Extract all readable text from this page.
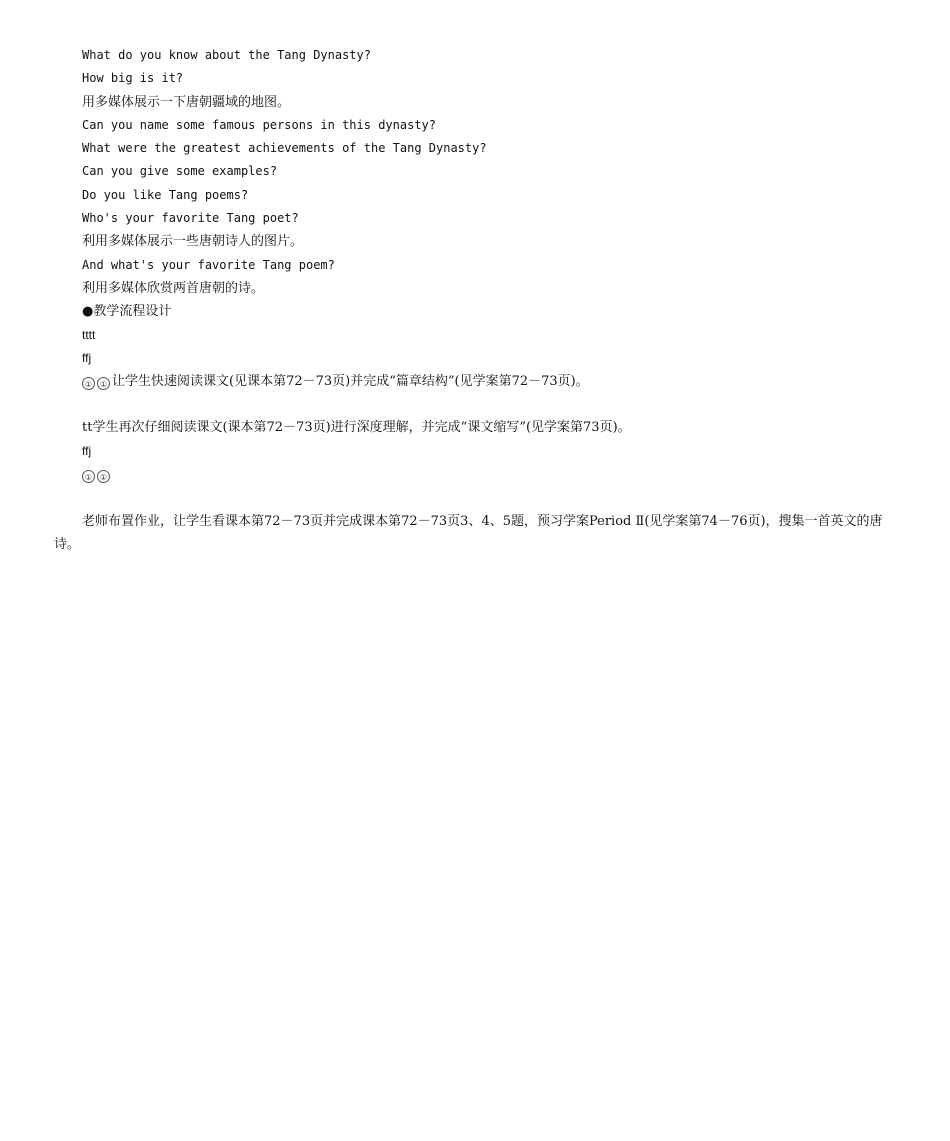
What do you know about the Tang Dynasty?
How big is it?
用多媒体展示一下唐朝疆域的地图。
Can you name some famous persons in this dynasty?
What were the greatest achievements of the Tang Dynasty?
Can you give some examples?
Do you like Tang poems?
Who's your favorite Tang poet?
利用多媒体展示一些唐朝诗人的图片。
And what's your favorite Tang poem?
利用多媒体欣赏两首唐朝的诗。
●教学流程设计
tttt
ffj
① ① 让学生快速阅读课文(见课本第72－73页)并完成“篇章结构”(见学案第72－73页)。
tt学生再次仔细阅读课文(课本第72－73页)进行深度理解，并完成“课文缩写”(见学案第73页)。
ffj
① ①
老师布置作业，让学生看课本第72－73页并完成课本第72－73页3、4、5题，预习学案Period Ⅱ(见学案第74－76页)，搜集一首英文的唐诗。
